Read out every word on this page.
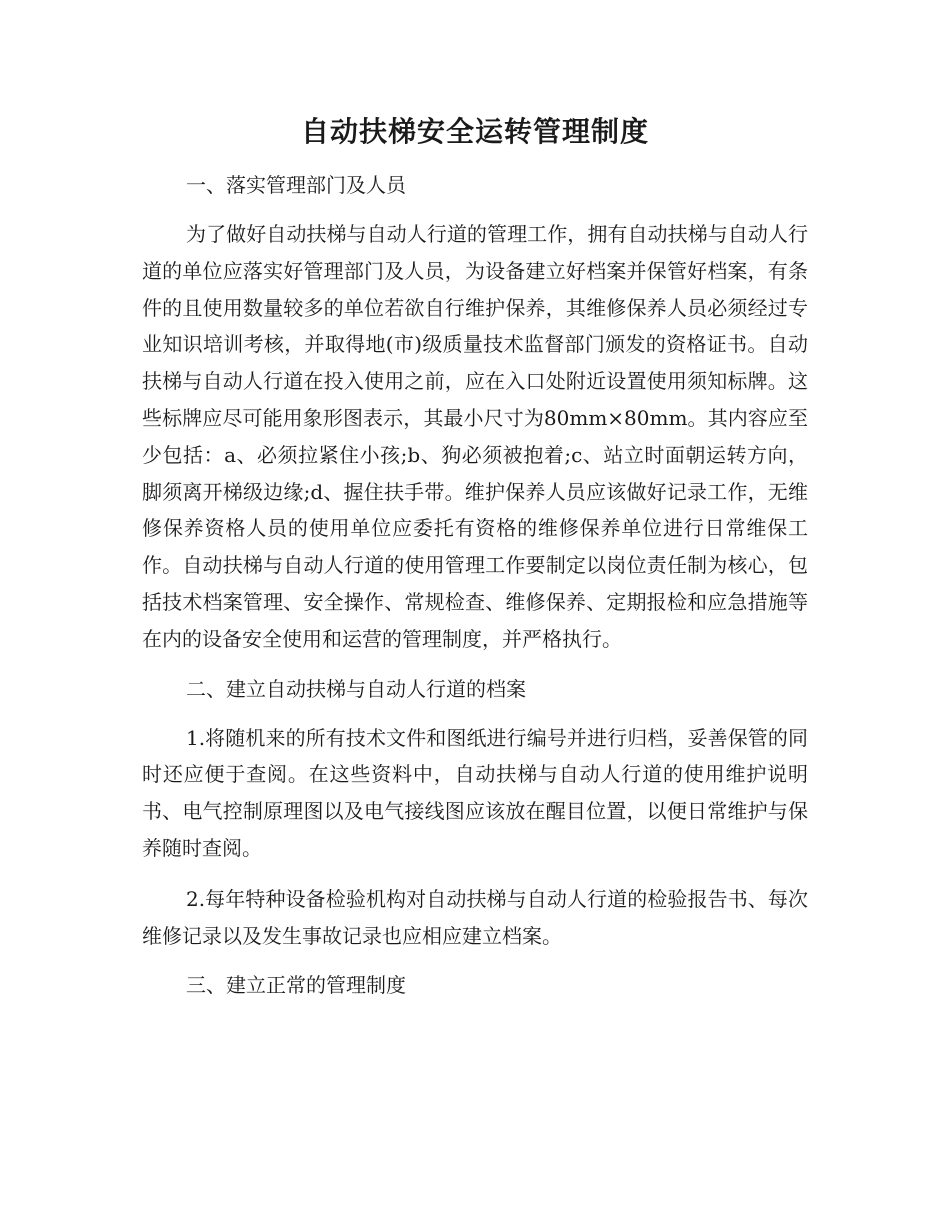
自动扶梯安全运转管理制度

一、落实管理部门及人员

为了做好自动扶梯与自动人行道的管理工作，拥有自动扶梯与自动人行道的单位应落实好管理部门及人员，为设备建立好档案并保管好档案，有条件的且使用数量较多的单位若欲自行维护保养，其维修保养人员必须经过专业知识培训考核，并取得地(市)级质量技术监督部门颁发的资格证书。自动扶梯与自动人行道在投入使用之前，应在入口处附近设置使用须知标牌。这些标牌应尽可能用象形图表示，其最小尺寸为80mm×80mm。其内容应至少包括：a、必须拉紧住小孩;b、狗必须被抱着;c、站立时面朝运转方向，脚须离开梯级边缘;d、握住扶手带。维护保养人员应该做好记录工作，无维修保养资格人员的使用单位应委托有资格的维修保养单位进行日常维保工作。自动扶梯与自动人行道的使用管理工作要制定以岗位责任制为核心，包括技术档案管理、安全操作、常规检查、维修保养、定期报检和应急措施等在内的设备安全使用和运营的管理制度，并严格执行。

二、建立自动扶梯与自动人行道的档案

1.将随机来的所有技术文件和图纸进行编号并进行归档，妥善保管的同时还应便于查阅。在这些资料中，自动扶梯与自动人行道的使用维护说明书、电气控制原理图以及电气接线图应该放在醒目位置，以便日常维护与保养随时查阅。

2.每年特种设备检验机构对自动扶梯与自动人行道的检验报告书、每次维修记录以及发生事故记录也应相应建立档案。

三、建立正常的管理制度
